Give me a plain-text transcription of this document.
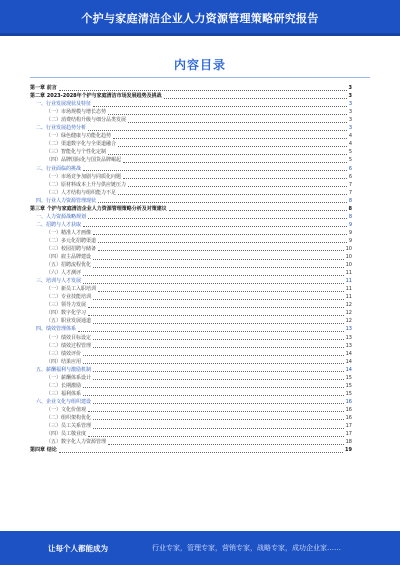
个护与家庭清洁企业人力资源管理策略研究报告
内容目录
第一章 前言	3
第二章 2023-2028年个护与家庭清洁市场发展趋势及挑战	3
一、行业发展现状及特征	3
（一）市场规模与增长态势	3
（二）消费结构升级与细分品类发展	3
二、行业发展趋势分析	3
（一）绿色健康与功能化趋势	4
（二）渠道数字化与全渠道融合	4
（三）智能化与个性化定制	5
（四）品牌国际化与国货品牌崛起	5
三、行业面临的挑战	6
（一）市场竞争加剧与同质化问题	6
（二）原材料成本上升与供应链压力	7
（三）人才结构与组织能力不足	7
四、行业人力资源管理现状	8
第三章 个护与家庭清洁企业人力资源管理策略分析及对策建议	8
一、人力资源战略规划	8
二、招聘与人才获取	9
（一）精准人才画像	9
（二）多元化招聘渠道	9
（三）校园招聘与储备	10
（四）雇主品牌建设	10
（五）招聘流程优化	10
（六）人才测评	11
三、培训与人才发展	11
（一）新员工入职培训	11
（二）专业技能培训	11
（三）领导力发展	12
（四）数字化学习	12
（五）职业发展通道	12
四、绩效管理体系	13
（一）绩效目标设定	13
（二）绩效过程管理	13
（三）绩效评价	14
（四）结果应用	14
五、薪酬福利与激励机制	14
（一）薪酬体系设计	15
（二）长期激励	15
（三）福利体系	15
六、企业文化与组织建设	16
（一）文化价值观	16
（二）组织架构优化	16
（三）员工关系管理	17
（四）员工敬业度	17
（五）数字化人力资源管理	18
第四章 结论	19
让每个人都能成为	行业专家，管理专家，营销专家，战略专家，成功企业家……
